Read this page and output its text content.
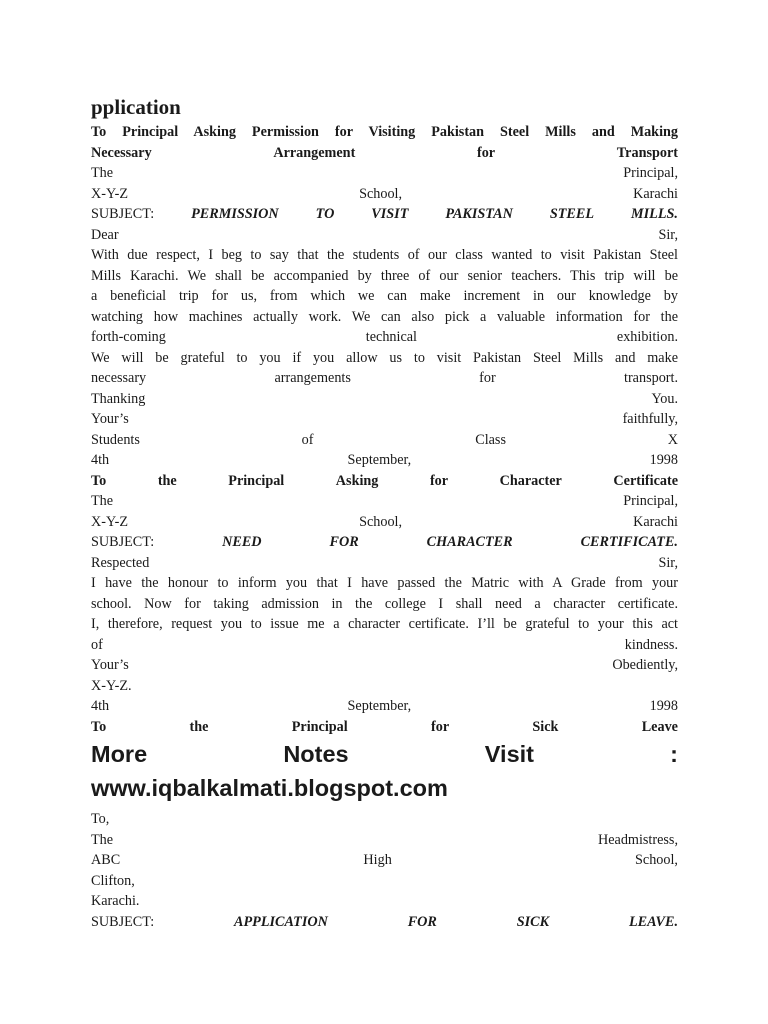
pplication
To Principal Asking Permission for Visiting Pakistan Steel Mills and Making
Necessary	Arrangement	for	Transport
The	Principal,
X-Y-Z	School,	Karachi
SUBJECT:	PERMISSION	TO	VISIT	PAKISTAN	STEEL	MILLS.
Dear	Sir,
With due respect, I beg to say that the students of our class wanted to visit Pakistan Steel
Mills Karachi. We shall be accompanied by three of our senior teachers. This trip will be
a beneficial trip for us, from which we can make increment in our knowledge by
watching how machines actually work. We can also pick a valuable information for the
forth-coming	technical	exhibition.
We will be grateful to you if you allow us to visit Pakistan Steel Mills and make
necessary	arrangements	for	transport.
Thanking	You.
Your’s	faithfully,
Students	of	Class	X
4th	September,	1998
To	the	Principal	Asking	for	Character	Certificate
The	Principal,
X-Y-Z	School,	Karachi
SUBJECT:	NEED	FOR	CHARACTER	CERTIFICATE.
Respected	Sir,
I have the honour to inform you that I have passed the Matric with A Grade from your
school. Now for taking admission in the college I shall need a character certificate.
I, therefore, request you to issue me a character certificate. I’ll be grateful to your this act
of	kindness.
Your’s	Obediently,
X-Y-Z.
4th	September,	1998
To	the	Principal	for	Sick	Leave
More	Notes	Visit	:
www.iqbalkalmati.blogspot.com
To,
The	Headmistress,
ABC	High	School,
Clifton,
Karachi.
SUBJECT:	APPLICATION	FOR	SICK	LEAVE.
